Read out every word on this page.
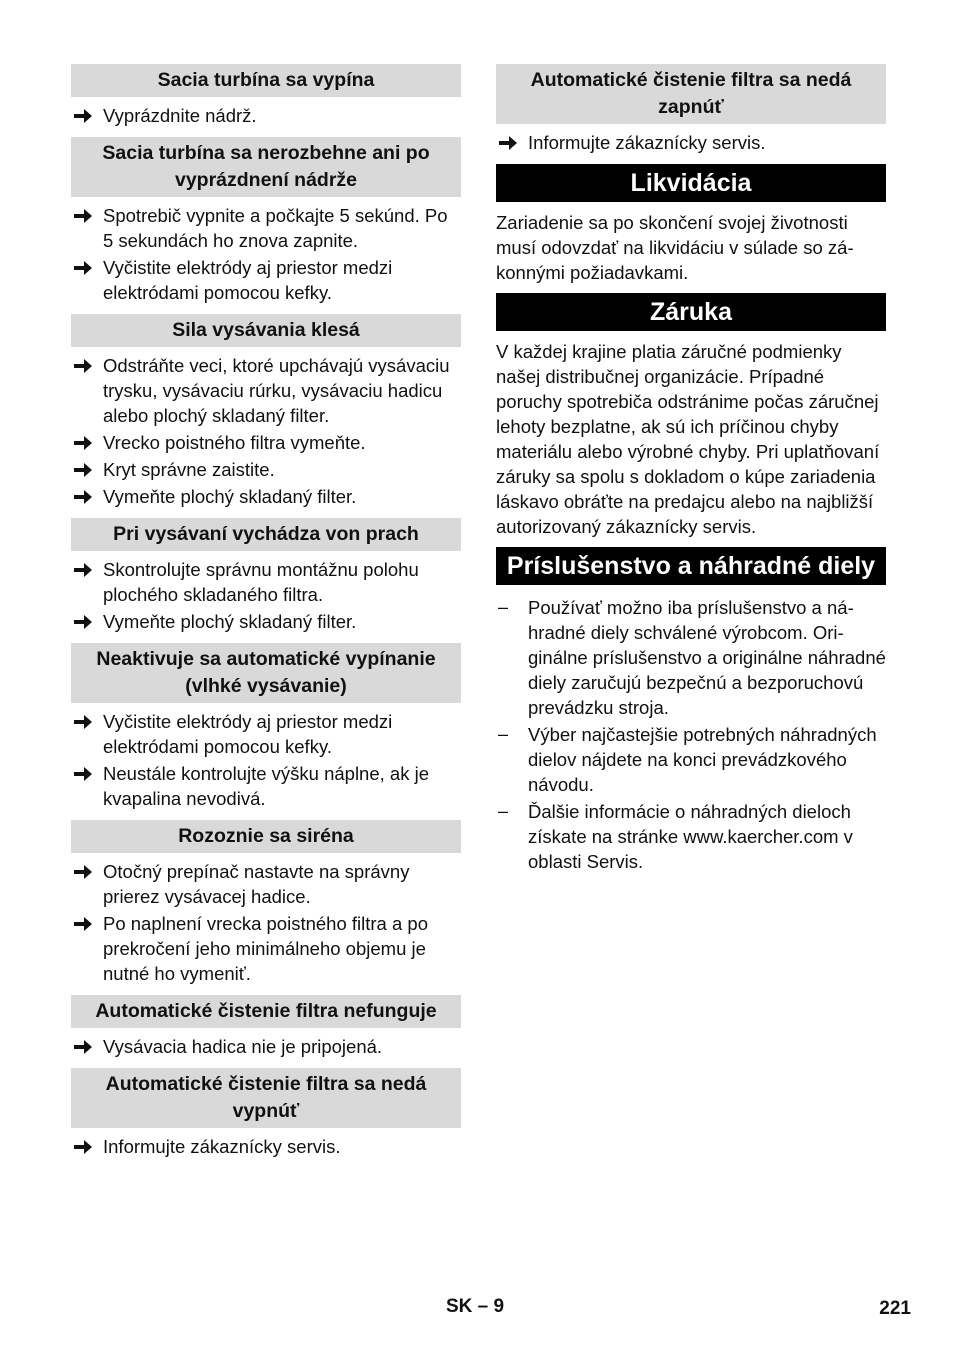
Sacia turbína sa vypína
Vyprázdnite nádrž.
Sacia turbína sa nerozbehne ani po vyprázdnení nádrže
Spotrebič vypnite a počkajte 5 sekúnd. Po 5 sekundách ho znova zapnite.
Vyčistite elektródy aj priestor medzi elektródami pomocou kefky.
Sila vysávania klesá
Odstráňte veci, ktoré upchávajú vysávaciu trysku, vysávaciu rúrku, vysávaciu hadicu alebo plochý skladaný filter.
Vrecko poistného filtra vymeňte.
Kryt správne zaistite.
Vymeňte plochý skladaný filter.
Pri vysávaní vychádza von prach
Skontrolujte správnu montážnu polohu plochého skladaného filtra.
Vymeňte plochý skladaný filter.
Neaktivuje sa automatické vypínanie (vlhké vysávanie)
Vyčistite elektródy aj priestor medzi elektródami pomocou kefky.
Neustále kontrolujte výšku náplne, ak je kvapalina nevodivá.
Rozoznie sa siréna
Otočný prepínač nastavte na správny prierez vysávacej hadice.
Po naplnení vrecka poistného filtra a po prekročení jeho minimálneho objemu je nutné ho vymeniť.
Automatické čistenie filtra nefunguje
Vysávacia hadica nie je pripojená.
Automatické čistenie filtra sa nedá vypnúť
Informujte zákaznícky servis.
Automatické čistenie filtra sa nedá zapnúť
Informujte zákaznícky servis.
Likvidácia

Zariadenie sa po skončení svojej životnosti musí odovzdať na likvidáciu v súlade so zákonnými požiadavkami.

Záruka

V každej krajine platia záručné podmienky našej distribučnej organizácie. Prípadné poruchy spotrebiča odstránime počas záručnej lehoty bezplatne, ak sú ich príčinou chyby materiálu alebo výrobné chyby. Pri uplatňovaní záruky sa spolu s dokladom o kúpe zariadenia láskavo obráťte na predajcu alebo na najbližší autorizovaný zákaznícky servis.

Príslušenstvo a náhradné diely
–	Používať možno iba príslušenstvo a náhradné diely schválené výrobcom. Originálne príslušenstvo a originálne náhradné diely zaručujú bezpečnú a bezporuchovú prevádzku stroja.
–	Výber najčastejšie potrebných náhradných dielov nájdete na konci prevádzkového návodu.
–	Ďalšie informácie o náhradných dieloch získate na stránke www.kaercher.com v oblasti Servis.
SK – 9	221
